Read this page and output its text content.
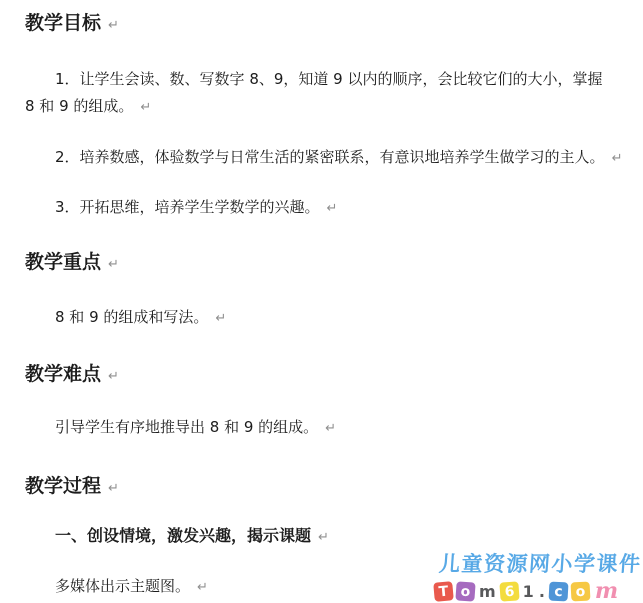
教学目标 ↵
1．让学生会读、数、写数字 8、9，知道 9 以内的顺序，会比较它们的大小，掌握
8 和 9 的组成。 ↵
2．培养数感，体验数学与日常生活的紧密联系，有意识地培养学生做学习的主人。 ↵
3．开拓思维，培养学生学数学的兴趣。 ↵
教学重点 ↵
8 和 9 的组成和写法。 ↵
教学难点 ↵
引导学生有序地推导出 8 和 9 的组成。 ↵
教学过程 ↵
一、创设情境，激发兴趣，揭示课题 ↵
多媒体出示主题图。 ↵
儿童资源网小学课件
T o m 6 1 . c o m
